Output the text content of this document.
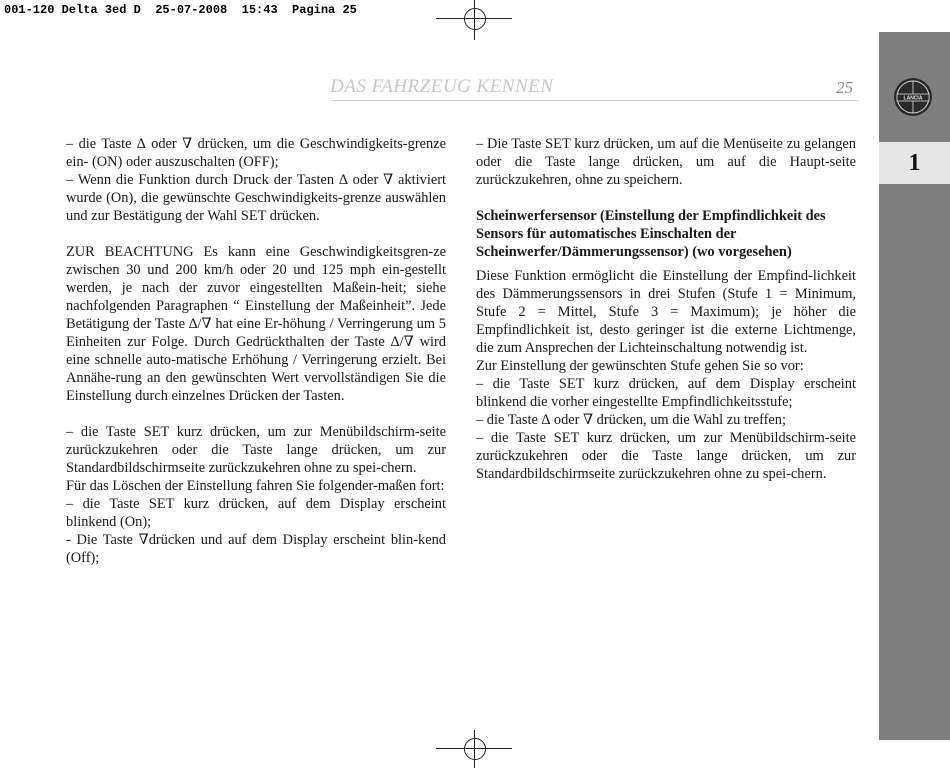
001-120 Delta 3ed D  25-07-2008  15:43  Pagina 25
DAS FAHRZEUG KENNEN	25
LANCIA
1

– die Taste ∆ oder ∇ drücken, um die Geschwindigkeits-grenze ein- (ON) oder auszuschalten (OFF);

– Wenn die Funktion durch Druck der Tasten ∆ oder ∇ aktiviert wurde (On), die gewünschte Geschwindigkeits-grenze auswählen und zur Bestätigung der Wahl SET drücken.

ZUR BEACHTUNG Es kann eine Geschwindigkeitsgren-ze zwischen 30 und 200 km/h oder 20 und 125 mph ein-gestellt werden, je nach der zuvor eingestellten Maßein-heit; siehe nachfolgenden Paragraphen “ Einstellung der Maßeinheit”. Jede Betätigung der Taste ∆/∇ hat eine Er-höhung / Verringerung um 5 Einheiten zur Folge. Durch Gedrückthalten der Taste ∆/∇ wird eine schnelle auto-matische Erhöhung / Verringerung erzielt. Bei Annähe-rung an den gewünschten Wert vervollständigen Sie die Einstellung durch einzelnes Drücken der Tasten.

– die Taste SET kurz drücken, um zur Menübildschirm-seite zurückzukehren oder die Taste lange drücken, um zur Standardbildschirmseite zurückzukehren ohne zu spei-chern.

Für das Löschen der Einstellung fahren Sie folgender-maßen fort:

– die Taste SET kurz drücken, auf dem Display erscheint blinkend (On);

- Die Taste ∇drücken und auf dem Display erscheint blin-kend (Off);

– Die Taste SET kurz drücken, um auf die Menüseite zu gelangen oder die Taste lange drücken, um auf die Haupt-seite zurückzukehren, ohne zu speichern.

Scheinwerfersensor (Einstellung der Empfindlichkeit des Sensors für automatisches Einschalten der Scheinwerfer/Dämmerungssensor) (wo vorgesehen)

Diese Funktion ermöglicht die Einstellung der Empfind-lichkeit des Dämmerungssensors in drei Stufen (Stufe 1 = Minimum, Stufe 2 = Mittel, Stufe 3 = Maximum); je höher die Empfindlichkeit ist, desto geringer ist die externe Lichtmenge, die zum Ansprechen der Lichteinschaltung notwendig ist.

Zur Einstellung der gewünschten Stufe gehen Sie so vor:

– die Taste SET kurz drücken, auf dem Display erscheint blinkend die vorher eingestellte Empfindlichkeitsstufe;

– die Taste ∆ oder ∇ drücken, um die Wahl zu treffen;

– die Taste SET kurz drücken, um zur Menübildschirm-seite zurückzukehren oder die Taste lange drücken, um zur Standardbildschirmseite zurückzukehren ohne zu spei-chern.
